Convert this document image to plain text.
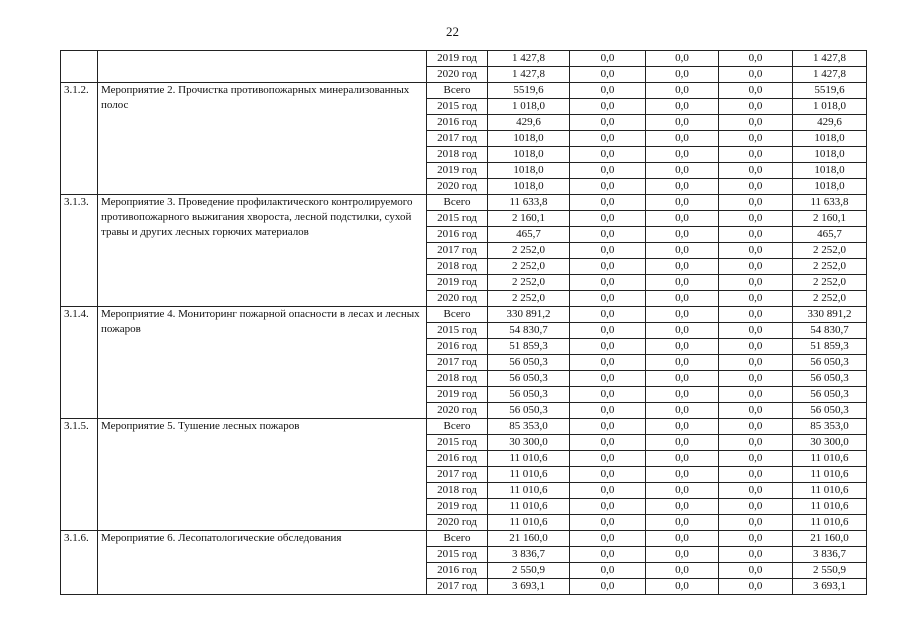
22
		2019 год	1 427,8	0,0	0,0	0,0	1 427,8
		2020 год	1 427,8	0,0	0,0	0,0	1 427,8
3.1.2.	Мероприятие 2. Прочистка противопожарных минерализованных полос	Всего	5519,6	0,0	0,0	0,0	5519,6
		2015 год	1 018,0	0,0	0,0	0,0	1 018,0
		2016 год	429,6	0,0	0,0	0,0	429,6
		2017 год	1018,0	0,0	0,0	0,0	1018,0
		2018 год	1018,0	0,0	0,0	0,0	1018,0
		2019 год	1018,0	0,0	0,0	0,0	1018,0
		2020 год	1018,0	0,0	0,0	0,0	1018,0
3.1.3.	Мероприятие 3. Проведение профилактического контролируемого противопожарного выжигания хвороста, лесной подстилки, сухой травы и других лесных горючих материалов	Всего	11 633,8	0,0	0,0	0,0	11 633,8
		2015 год	2 160,1	0,0	0,0	0,0	2 160,1
		2016 год	465,7	0,0	0,0	0,0	465,7
		2017 год	2 252,0	0,0	0,0	0,0	2 252,0
		2018 год	2 252,0	0,0	0,0	0,0	2 252,0
		2019 год	2 252,0	0,0	0,0	0,0	2 252,0
		2020 год	2 252,0	0,0	0,0	0,0	2 252,0
3.1.4.	Мероприятие 4. Мониторинг пожарной опасности в лесах и лесных пожаров	Всего	330 891,2	0,0	0,0	0,0	330 891,2
		2015 год	54 830,7	0,0	0,0	0,0	54 830,7
		2016 год	51 859,3	0,0	0,0	0,0	51 859,3
		2017 год	56 050,3	0,0	0,0	0,0	56 050,3
		2018 год	56 050,3	0,0	0,0	0,0	56 050,3
		2019 год	56 050,3	0,0	0,0	0,0	56 050,3
		2020 год	56 050,3	0,0	0,0	0,0	56 050,3
3.1.5.	Мероприятие 5. Тушение лесных пожаров	Всего	85 353,0	0,0	0,0	0,0	85 353,0
		2015 год	30 300,0	0,0	0,0	0,0	30 300,0
		2016 год	11 010,6	0,0	0,0	0,0	11 010,6
		2017 год	11 010,6	0,0	0,0	0,0	11 010,6
		2018 год	11 010,6	0,0	0,0	0,0	11 010,6
		2019 год	11 010,6	0,0	0,0	0,0	11 010,6
		2020 год	11 010,6	0,0	0,0	0,0	11 010,6
3.1.6.	Мероприятие 6. Лесопатологические обследования	Всего	21 160,0	0,0	0,0	0,0	21 160,0
		2015 год	3 836,7	0,0	0,0	0,0	3 836,7
		2016 год	2 550,9	0,0	0,0	0,0	2 550,9
		2017 год	3 693,1	0,0	0,0	0,0	3 693,1
